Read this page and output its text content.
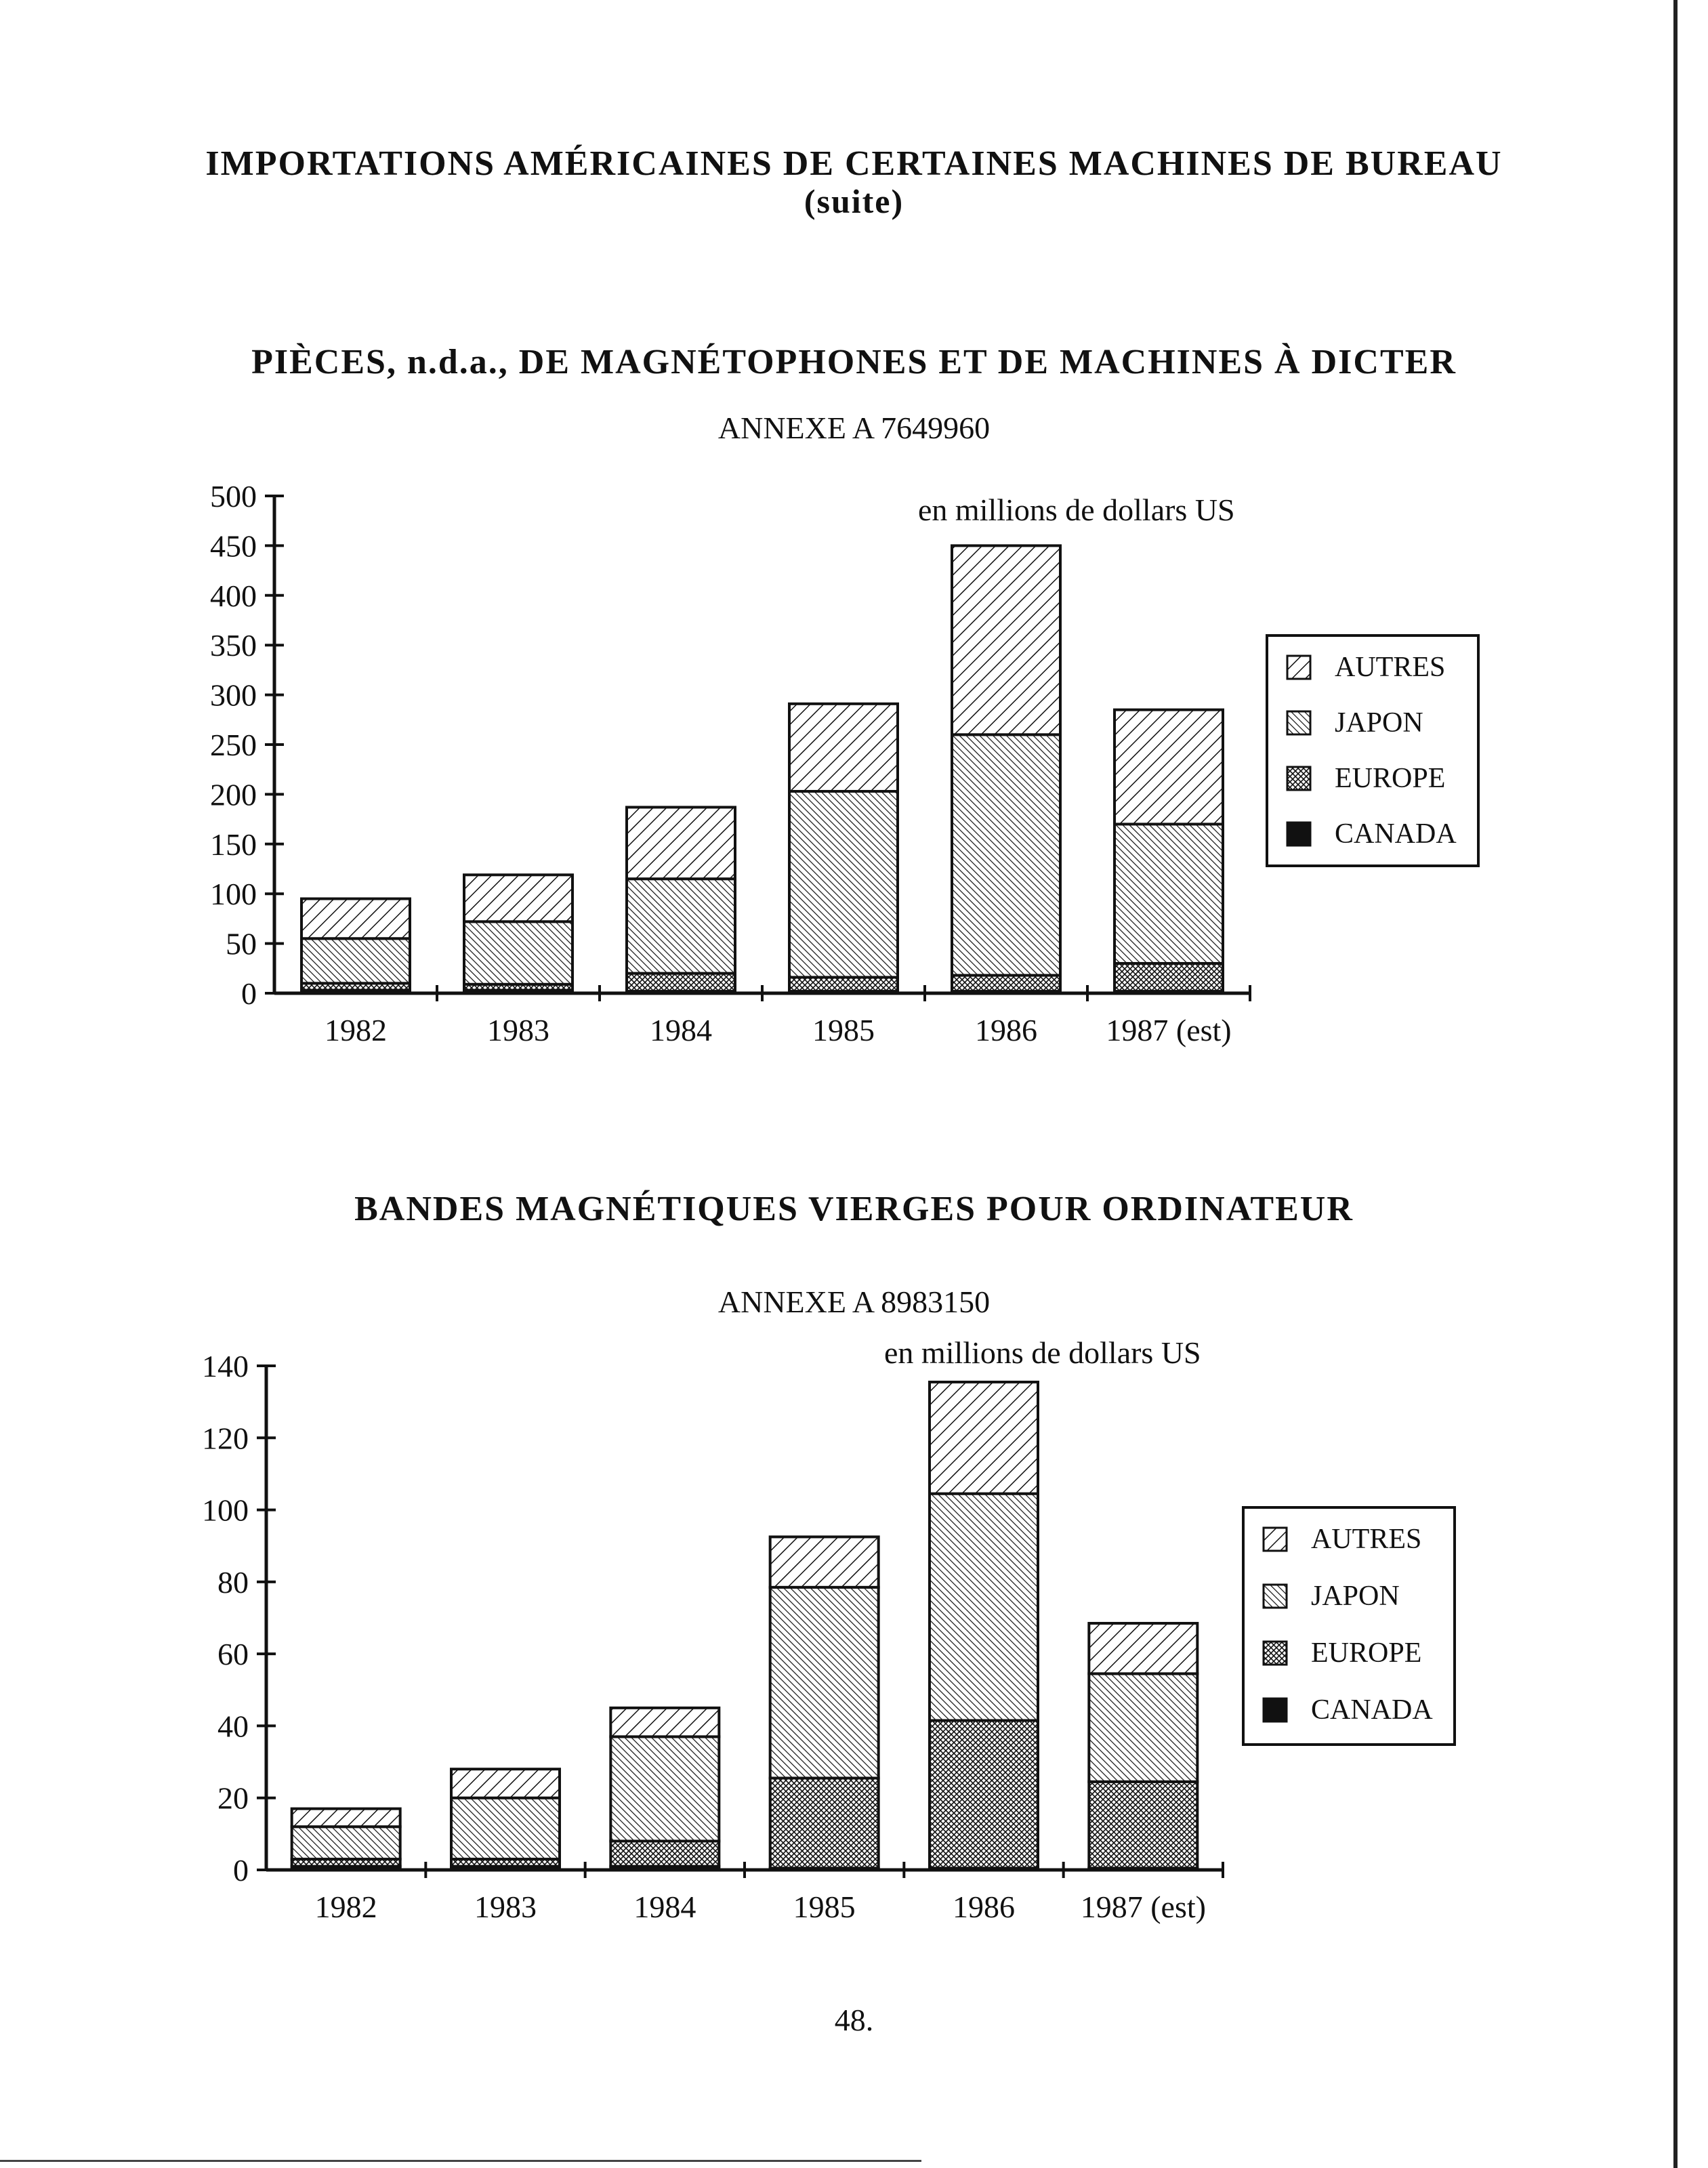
IMPORTATIONS AMÉRICAINES DE CERTAINES MACHINES DE BUREAU
(suite)
PIÈCES, n.d.a., DE MAGNÉTOPHONES ET DE MACHINES À DICTER
ANNEXE A 7649960
en millions de dollars US
0
50
100
150
200
250
300
350
400
450
500
1982	1983	1984	1985	1986 1987 (est)
AUTRES
JAPON
EUROPE
CANADA
BANDES MAGNÉTIQUES VIERGES POUR ORDINATEUR
ANNEXE A 8983150
en millions de dollars US
0
20
40
60
80
100
120
140
1982	1983	1984	1985	1986 1987 (est)
AUTRES
JAPON
EUROPE
CANADA
48.
